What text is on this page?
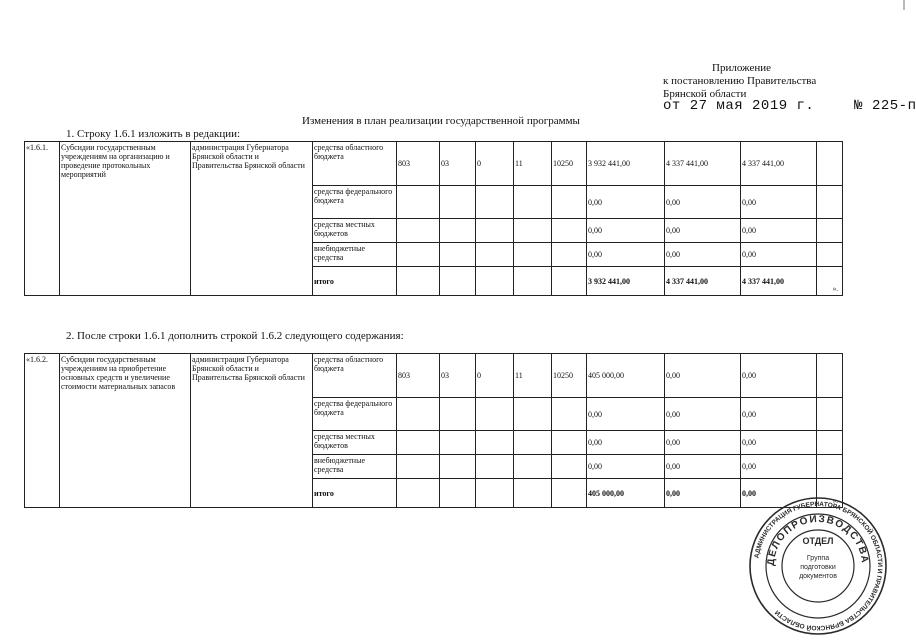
Приложение
к постановлению Правительства
Брянской области
от 27 мая 2019 г.	№ 225-п
Изменения в план реализации государственной программы
1. Строку 1.6.1 изложить в редакции:
«1.6.1.	Субсидии государственным учреждениям на организацию и проведение протокольных мероприятий	администрация Губернатора Брянской области и Правительства Брянской области	средства областного бюджета	803	03	0	11	10250	3 932 441,00	4 337 441,00	4 337 441,00	

			средства федерального бюджета						0,00	0,00	0,00	

			средства местных бюджетов						0,00	0,00	0,00	

			внебюджетные средства						0,00	0,00	0,00	

			итого						3 932 441,00	4 337 441,00	4 337 441,00	».
2. После строки 1.6.1 дополнить строкой 1.6.2 следующего содержания:
«1.6.2.	Субсидии государственным учреждениям на приобретение основных средств и увеличение стоимости материальных запасов	администрация Губернатора Брянской области и Правительства Брянской области	средства областного бюджета	803	03	0	11	10250	405 000,00	0,00	0,00	

			средства федерального бюджета						0,00	0,00	0,00	

			средства местных бюджетов						0,00	0,00	0,00	

			внебюджетные средства						0,00	0,00	0,00	

			итого						405 000,00	0,00	0,00	».
АДМИНИСТРАЦИЯ ГУБЕРНАТОРА БРЯНСКОЙ ОБЛАСТИ И ПРАВИТЕЛЬСТВА БРЯНСКОЙ ОБЛАСТИ
ДЕЛОПРОИЗВОДСТВА
ОТДЕЛ
Группа
подготовки
документов
